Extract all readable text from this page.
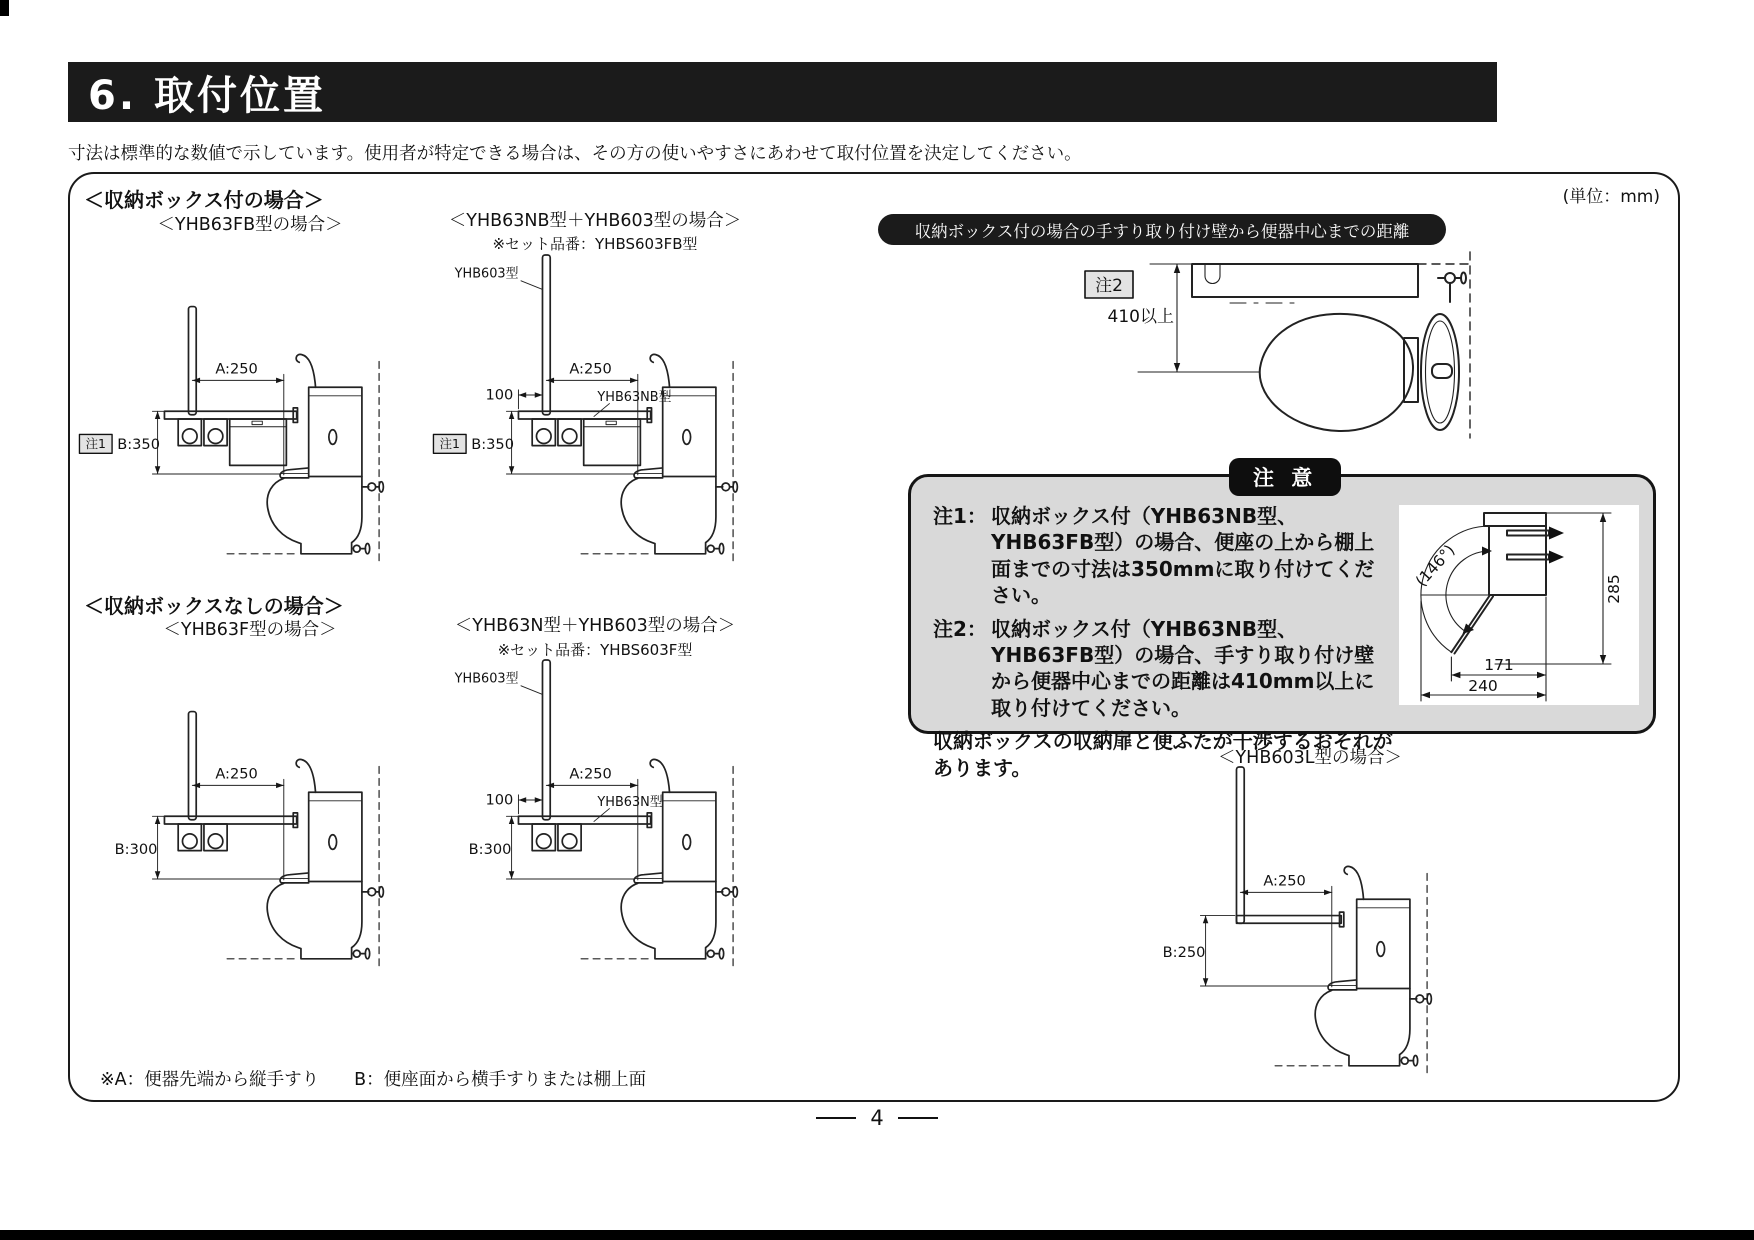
6. 取付位置
寸法は標準的な数値で示しています。使用者が特定できる場合は、その方の使いやすさにあわせて取付位置を決定してください。
(単位：mm)
＜収納ボックス付の場合＞
＜YHB63FB型の場合＞	＜YHB63NB型＋YHB603型の場合＞
※セット品番：YHBS603FB型
＜収納ボックスなしの場合＞
＜YHB63F型の場合＞	＜YHB63N型＋YHB603型の場合＞
※セット品番：YHBS603F型
A:250
注1 B:350
YHB603型
YHB63NB型
100
A:250
注1 B:350
A:250
B:300
YHB603型
YHB63N型
100
A:250
B:300
収納ボックス付の場合の手すり取り付け壁から便器中心までの距離
注2
410以上
注 意
注1： 収納ボックス付（YHB63NB型、YHB63FB型）の場合、便座の上から棚上面までの寸法は350mmに取り付けてください。
注2： 収納ボックス付（YHB63NB型、YHB63FB型）の場合、手すり取り付け壁から便器中心までの距離は410mm以上に取り付けてください。
収納ボックスの収納扉と便ふたが干渉するおそれがあります。
(146°)	285
171
240
＜YHB603L型の場合＞
A:250
B:250
※A：便器先端から縦手すり　　B：便座面から横手すりまたは棚上面
4
